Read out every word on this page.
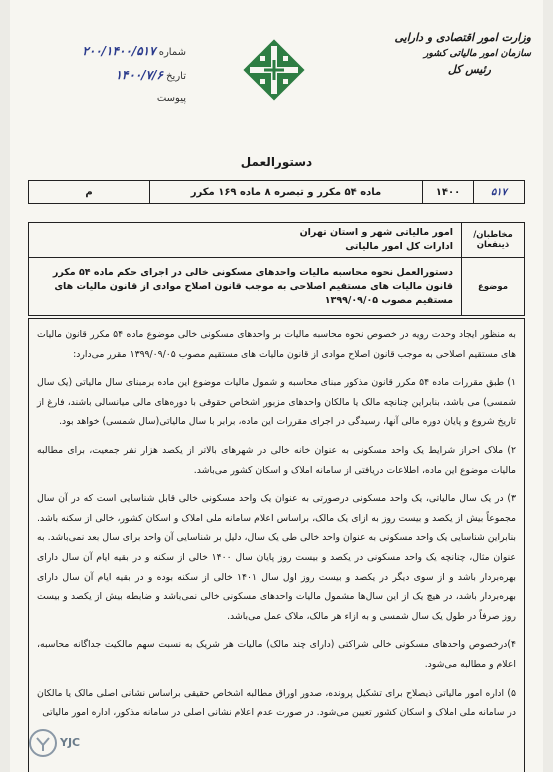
وزارت امور اقتصادی و دارایی
سازمان امور مالیاتی کشور
رئیس کل
شماره ۲۰۰/۱۴۰۰/۵۱۷
تاریخ ۱۴۰۰/۷/۶
پیوست
دستورالعمل
۵۱۷	۱۴۰۰	ماده ۵۴ مکرر و تبصره ۸ ماده ۱۶۹ مکرر	م
مخاطبان/ذینفعان	امور مالیاتی شهر و استان تهران
ادارات کل امور مالیاتی

موضوع	دستورالعمل نحوه محاسبه مالیات واحدهای مسکونی خالی در اجرای حکم ماده ۵۴ مکرر قانون مالیات های مستقیم اصلاحی به موجب قانون اصلاح موادی از قانون مالیات های مستقیم مصوب ۱۳۹۹/۰۹/۰۵

به منظور ایجاد وحدت رویه در خصوص نحوه محاسبه مالیات بر واحدهای مسکونی خالی موضوع ماده ۵۴ مکرر قانون مالیات های مستقیم اصلاحی به موجب قانون اصلاح موادی از قانون مالیات های مستقیم مصوب ۱۳۹۹/۰۹/۰۵ مقرر می‌دارد:

۱) طبق مقررات ماده ۵۴ مکرر قانون مذکور مبنای محاسبه و شمول مالیات موضوع این ماده برمبنای سال مالیاتی (یک سال شمسی) می باشد، بنابراین چنانچه مالک یا مالکان واحدهای مزبور اشخاص حقوقی با دوره‌های مالی میانسالی باشند، فارغ از تاریخ شروع و پایان دوره مالی آنها، رسیدگی در اجرای مقررات این ماده، برابر با سال مالیاتی(سال شمسی) خواهد بود.

۲) ملاک احراز شرایط یک واحد مسکونی به عنوان خانه خالی در شهرهای بالاتر از یکصد هزار نفر جمعیت، برای مطالبه مالیات موضوع این ماده، اطلاعات دریافتی از سامانه املاک و اسکان کشور می‌باشد.

۳) در یک سال مالیاتی، یک واحد مسکونی درصورتی به عنوان یک واحد مسکونی خالی قابل شناسایی است که در آن سال مجموعاً بیش از یکصد و بیست روز به ازای یک مالک، براساس اعلام سامانه ملی املاک و اسکان کشور، خالی از سکنه باشد. بنابراین شناسایی یک واحد مسکونی به عنوان واحد خالی طی یک سال، دلیل بر شناسایی آن واحد برای سال بعد نمی‌باشد. به عنوان مثال، چنانچه یک واحد مسکونی در یکصد و بیست روز پایان سال ۱۴۰۰ خالی از سکنه و در بقیه ایام آن سال دارای بهره‌بردار باشد و از سوی دیگر در یکصد و بیست روز اول سال ۱۴۰۱ خالی از سکنه بوده و در بقیه ایام آن سال دارای بهره‌بردار باشد، در هیچ یک از این سال‌ها مشمول مالیات واحدهای مسکونی خالی نمی‌باشد و ضابطه بیش از یکصد و بیست روز صرفاً در طول یک سال شمسی و به ازاء هر مالک، ملاک عمل می‌باشد.

۴)درخصوص واحدهای مسکونی خالی شراکتی (دارای چند مالک) مالیات هر شریک به نسبت سهم مالکیت جداگانه محاسبه، اعلام و مطالبه می‌شود.

۵) اداره امور مالیاتی ذیصلاح برای تشکیل پرونده، صدور اوراق مطالبه اشخاص حقیقی براساس نشانی اصلی مالک یا مالکان در سامانه ملی املاک و اسکان کشور تعیین می‌شود. در صورت عدم اعلام نشانی اصلی در سامانه مذکور، اداره امور مالیاتی

YJC
